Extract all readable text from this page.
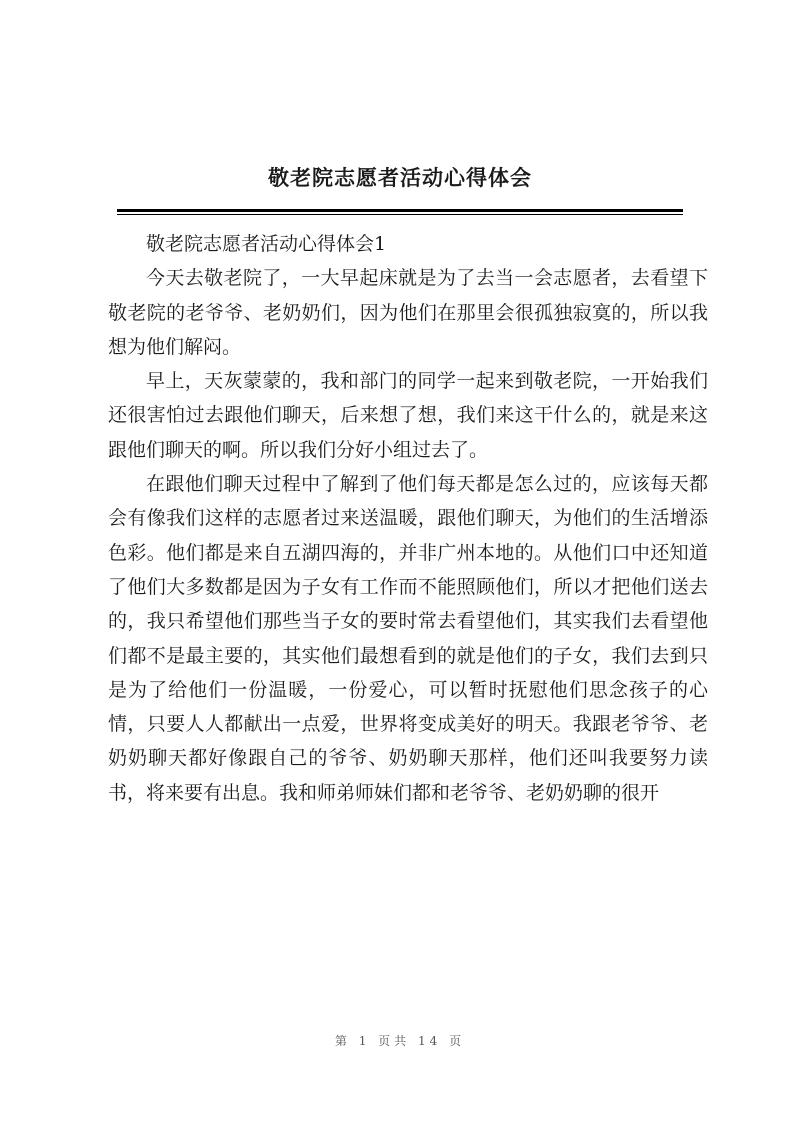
敬老院志愿者活动心得体会

敬老院志愿者活动心得体会1

今天去敬老院了，一大早起床就是为了去当一会志愿者，去看望下敬老院的老爷爷、老奶奶们，因为他们在那里会很孤独寂寞的，所以我想为他们解闷。

早上，天灰蒙蒙的，我和部门的同学一起来到敬老院，一开始我们还很害怕过去跟他们聊天，后来想了想，我们来这干什么的，就是来这跟他们聊天的啊。所以我们分好小组过去了。

在跟他们聊天过程中了解到了他们每天都是怎么过的，应该每天都会有像我们这样的志愿者过来送温暖，跟他们聊天，为他们的生活增添色彩。他们都是来自五湖四海的，并非广州本地的。从他们口中还知道了他们大多数都是因为子女有工作而不能照顾他们，所以才把他们送去的，我只希望他们那些当子女的要时常去看望他们，其实我们去看望他们都不是最主要的，其实他们最想看到的就是他们的子女，我们去到只是为了给他们一份温暖，一份爱心，可以暂时抚慰他们思念孩子的心情，只要人人都献出一点爱，世界将变成美好的明天。我跟老爷爷、老奶奶聊天都好像跟自己的爷爷、奶奶聊天那样，他们还叫我要努力读书，将来要有出息。我和师弟师妹们都和老爷爷、老奶奶聊的很开

第 1 页共 14 页
